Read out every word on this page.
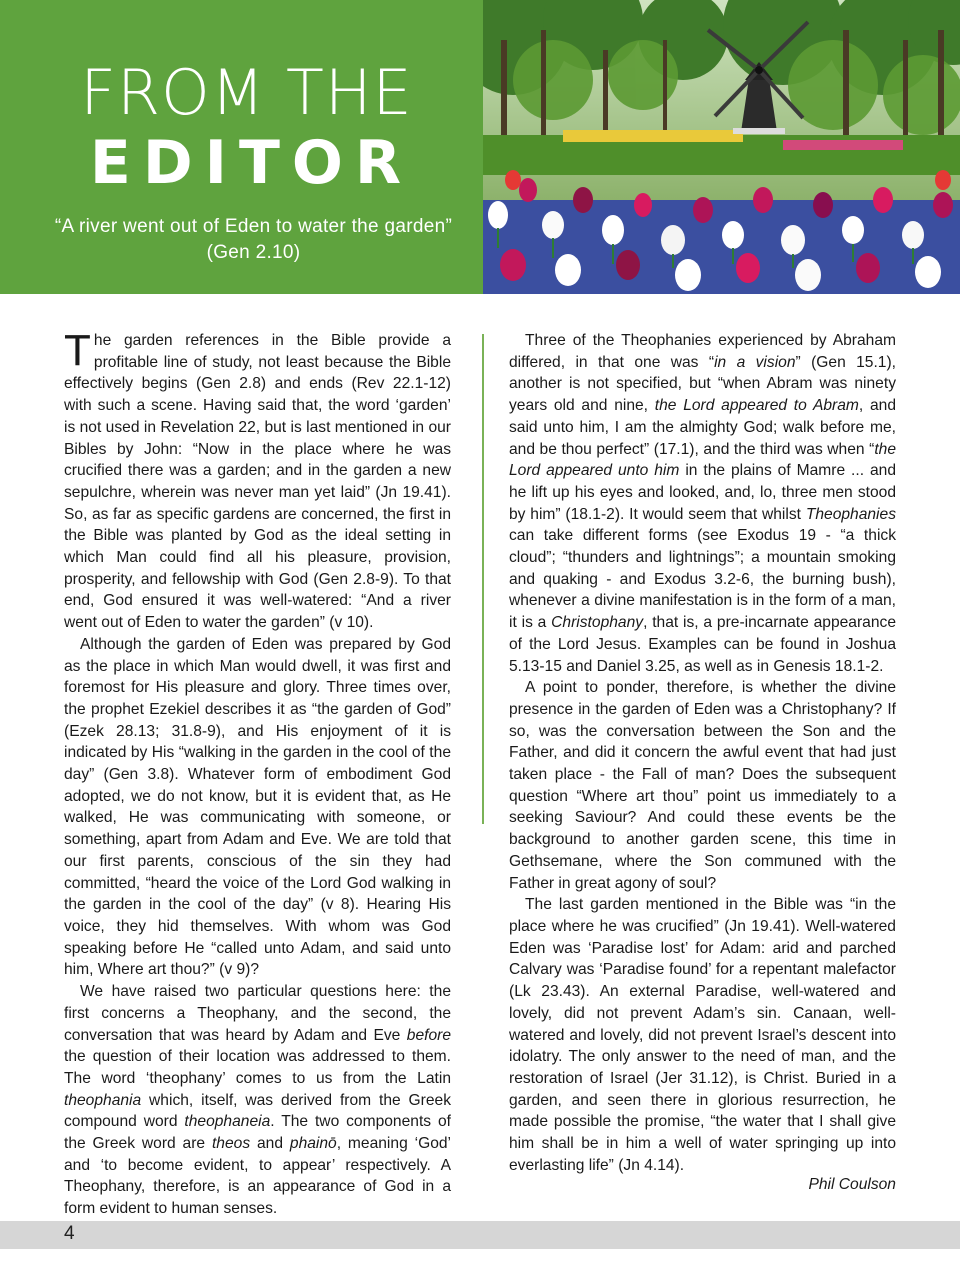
FROM THE
EDITOR
“A river went out of Eden to water the garden” (Gen 2.10)

The garden references in the Bible provide a profitable line of study, not least because the Bible effectively begins (Gen 2.8) and ends (Rev 22.1-12) with such a scene. Having said that, the word ‘garden’ is not used in Revelation 22, but is last mentioned in our Bibles by John: “Now in the place where he was crucified there was a garden; and in the garden a new sepulchre, wherein was never man yet laid” (Jn 19.41). So, as far as specific gardens are concerned, the first in the Bible was planted by God as the ideal setting in which Man could find all his pleasure, provision, prosperity, and fellowship with God (Gen 2.8-9). To that end, God ensured it was well-watered: “And a river went out of Eden to water the garden” (v 10).

Although the garden of Eden was prepared by God as the place in which Man would dwell, it was first and foremost for His pleasure and glory. Three times over, the prophet Ezekiel describes it as “the garden of God” (Ezek 28.13; 31.8-9), and His enjoyment of it is indicated by His “walking in the garden in the cool of the day” (Gen 3.8). Whatever form of embodiment God adopted, we do not know, but it is evident that, as He walked, He was communicating with someone, or something, apart from Adam and Eve. We are told that our first parents, conscious of the sin they had committed, “heard the voice of the Lord God walking in the garden in the cool of the day” (v 8). Hearing His voice, they hid themselves. With whom was God speaking before He “called unto Adam, and said unto him, Where art thou?” (v 9)?

We have raised two particular questions here: the first concerns a Theophany, and the second, the conversation that was heard by Adam and Eve before the question of their location was addressed to them. The word ‘theophany’ comes to us from the Latin theophania which, itself, was derived from the Greek compound word theophaneia. The two components of the Greek word are theos and phainō, meaning ‘God’ and ‘to become evident, to appear’ respectively. A Theophany, therefore, is an appearance of God in a form evident to human senses.

Three of the Theophanies experienced by Abraham differed, in that one was “in a vision” (Gen 15.1), another is not specified, but “when Abram was ninety years old and nine, the Lord appeared to Abram, and said unto him, I am the almighty God; walk before me, and be thou perfect” (17.1), and the third was when “the Lord appeared unto him in the plains of Mamre ... and he lift up his eyes and looked, and, lo, three men stood by him” (18.1-2). It would seem that whilst Theophanies can take different forms (see Exodus 19 - “a thick cloud”; “thunders and lightnings”; a mountain smoking and quaking - and Exodus 3.2-6, the burning bush), whenever a divine manifestation is in the form of a man, it is a Christophany, that is, a pre-incarnate appearance of the Lord Jesus. Examples can be found in Joshua 5.13-15 and Daniel 3.25, as well as in Genesis 18.1-2.

A point to ponder, therefore, is whether the divine presence in the garden of Eden was a Christophany? If so, was the conversation between the Son and the Father, and did it concern the awful event that had just taken place - the Fall of man? Does the subsequent question “Where art thou” point us immediately to a seeking Saviour? And could these events be the background to another garden scene, this time in Gethsemane, where the Son communed with the Father in great agony of soul?

The last garden mentioned in the Bible was “in the place where he was crucified” (Jn 19.41). Well-watered Eden was ‘Paradise lost’ for Adam: arid and parched Calvary was ‘Paradise found’ for a repentant malefactor (Lk 23.43). An external Paradise, well-watered and lovely, did not prevent Adam’s sin. Canaan, well-watered and lovely, did not prevent Israel’s descent into idolatry. The only answer to the need of man, and the restoration of Israel (Jer 31.12), is Christ. Buried in a garden, and seen there in glorious resurrection, he made possible the promise, “the water that I shall give him shall be in him a well of water springing up into everlasting life” (Jn 4.14).

Phil Coulson
4
